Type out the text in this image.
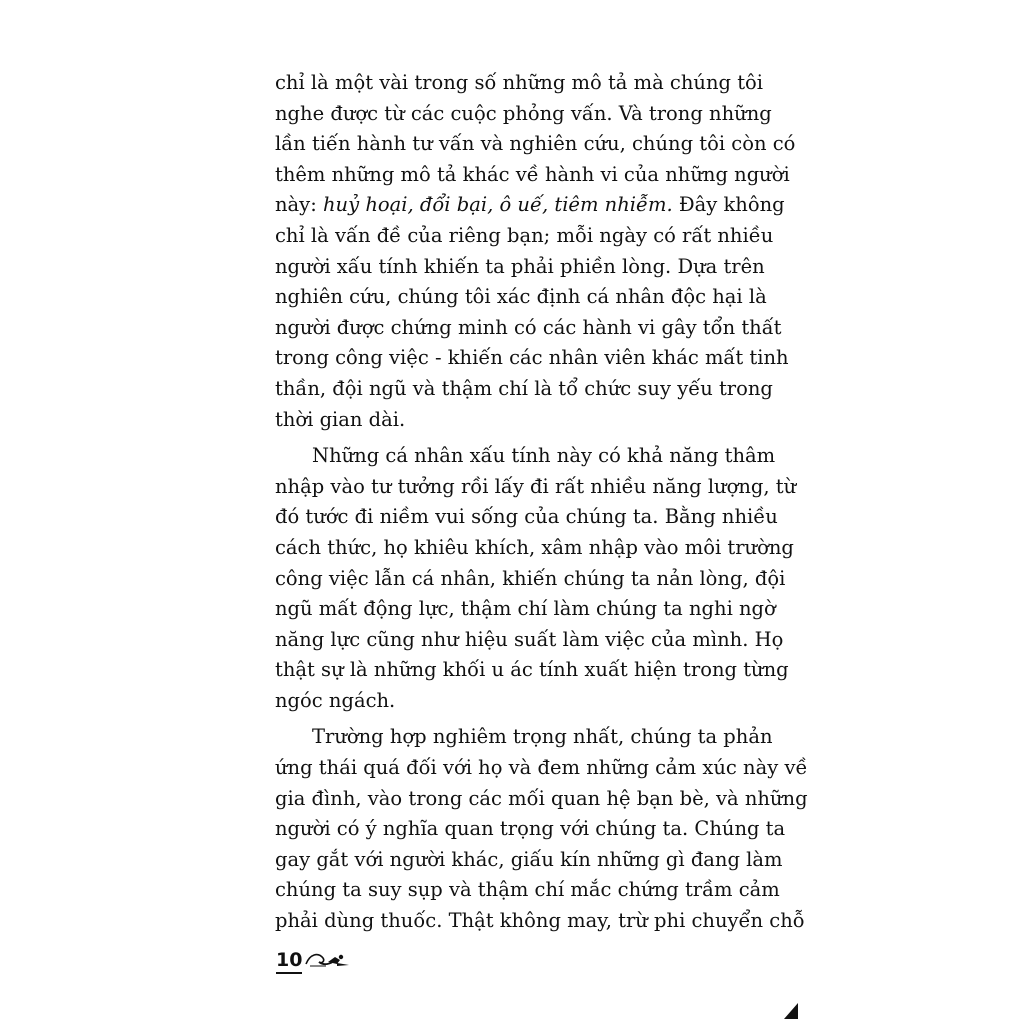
chỉ là một vài trong số những mô tả mà chúng tôi
nghe được từ các cuộc phỏng vấn. Và trong những
lần tiến hành tư vấn và nghiên cứu, chúng tôi còn có
thêm những mô tả khác về hành vi của những người
này: huỷ hoại, đổi bại, ô uế, tiêm nhiễm. Đây không
chỉ là vấn đề của riêng bạn; mỗi ngày có rất nhiều
người xấu tính khiến ta phải phiền lòng. Dựa trên
nghiên cứu, chúng tôi xác định cá nhân độc hại là
người được chứng minh có các hành vi gây tổn thất
trong công việc - khiến các nhân viên khác mất tinh
thần, đội ngũ và thậm chí là tổ chức suy yếu trong
thời gian dài.
Những cá nhân xấu tính này có khả năng thâm
nhập vào tư tưởng rồi lấy đi rất nhiều năng lượng, từ
đó tước đi niềm vui sống của chúng ta. Bằng nhiều
cách thức, họ khiêu khích, xâm nhập vào môi trường
công việc lẫn cá nhân, khiến chúng ta nản lòng, đội
ngũ mất động lực, thậm chí làm chúng ta nghi ngờ
năng lực cũng như hiệu suất làm việc của mình. Họ
thật sự là những khối u ác tính xuất hiện trong từng
ngóc ngách.
Trường hợp nghiêm trọng nhất, chúng ta phản
ứng thái quá đối với họ và đem những cảm xúc này về
gia đình, vào trong các mối quan hệ bạn bè, và những
người có ý nghĩa quan trọng với chúng ta. Chúng ta
gay gắt với người khác, giấu kín những gì đang làm
chúng ta suy sụp và thậm chí mắc chứng trầm cảm
phải dùng thuốc. Thật không may, trừ phi chuyển chỗ
10
